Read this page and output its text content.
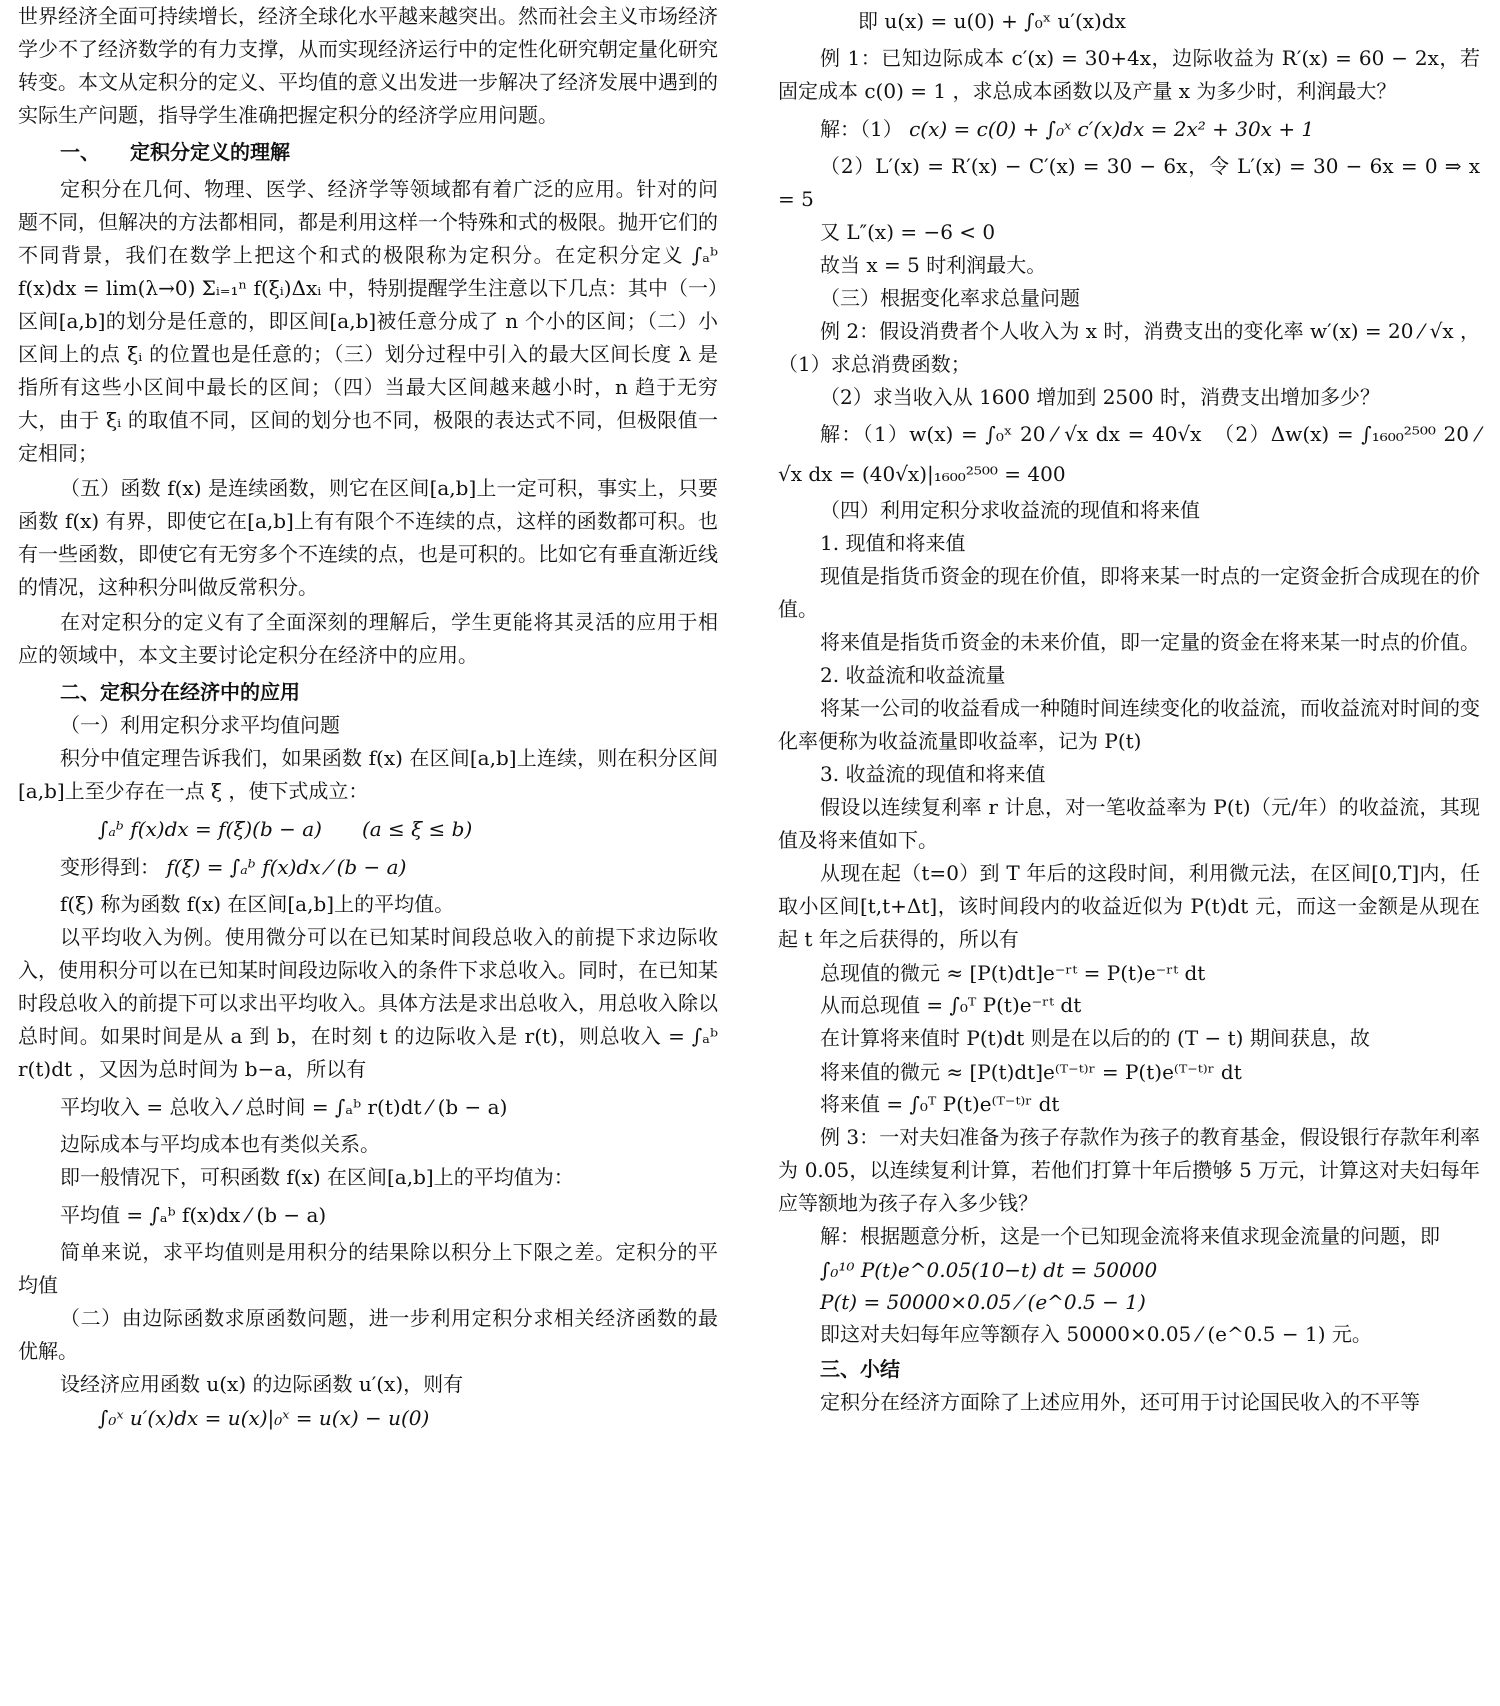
世界经济全面可持续增长，经济全球化水平越来越突出。然而社会主义市场经济学少不了经济数学的有力支撑，从而实现经济运行中的定性化研究朝定量化研究转变。本文从定积分的定义、平均值的意义出发进一步解决了经济发展中遇到的实际生产问题，指导学生准确把握定积分的经济学应用问题。

一、　　定积分定义的理解

定积分在几何、物理、医学、经济学等领域都有着广泛的应用。针对的问题不同，但解决的方法都相同，都是利用这样一个特殊和式的极限。抛开它们的不同背景，我们在数学上把这个和式的极限称为定积分。在定积分定义 ∫ₐᵇ f(x)dx = lim(λ→0) Σᵢ₌₁ⁿ f(ξᵢ)Δxᵢ 中，特别提醒学生注意以下几点：其中（一）区间[a,b]的划分是任意的，即区间[a,b]被任意分成了 n 个小的区间；（二）小区间上的点 ξᵢ 的位置也是任意的；（三）划分过程中引入的最大区间长度 λ 是指所有这些小区间中最长的区间；（四）当最大区间越来越小时，n 趋于无穷大，由于 ξᵢ 的取值不同，区间的划分也不同，极限的表达式不同，但极限值一定相同；

（五）函数 f(x) 是连续函数，则它在区间[a,b]上一定可积，事实上，只要函数 f(x) 有界，即使它在[a,b]上有有限个不连续的点，这样的函数都可积。也有一些函数，即使它有无穷多个不连续的点，也是可积的。比如它有垂直渐近线的情况，这种积分叫做反常积分。

在对定积分的定义有了全面深刻的理解后，学生更能将其灵活的应用于相应的领域中，本文主要讨论定积分在经济中的应用。

二、定积分在经济中的应用
（一）利用定积分求平均值问题

积分中值定理告诉我们，如果函数 f(x) 在区间[a,b]上连续，则在积分区间[a,b]上至少存在一点 ξ ，使下式成立：

∫ₐᵇ f(x)dx = f(ξ)(b − a)　　(a ≤ ξ ≤ b)
变形得到： f(ξ) = ∫ₐᵇ f(x)dx ⁄ (b − a)

f(ξ) 称为函数 f(x) 在区间[a,b]上的平均值。

以平均收入为例。使用微分可以在已知某时间段总收入的前提下求边际收入，使用积分可以在已知某时间段边际收入的条件下求总收入。同时，在已知某时段总收入的前提下可以求出平均收入。具体方法是求出总收入，用总收入除以总时间。如果时间是从 a 到 b，在时刻 t 的边际收入是 r(t)，则总收入 = ∫ₐᵇ r(t)dt ，又因为总时间为 b−a，所以有

平均收入 = 总收入 ⁄ 总时间 = ∫ₐᵇ r(t)dt ⁄ (b − a)

边际成本与平均成本也有类似关系。

即一般情况下，可积函数 f(x) 在区间[a,b]上的平均值为：

平均值 = ∫ₐᵇ f(x)dx ⁄ (b − a)

简单来说，求平均值则是用积分的结果除以积分上下限之差。定积分的平均值

（二）由边际函数求原函数问题，进一步利用定积分求相关经济函数的最优解。

设经济应用函数 u(x) 的边际函数 u′(x)，则有

∫₀ˣ u′(x)dx = u(x)|₀ˣ = u(x) − u(0)
即 u(x) = u(0) + ∫₀ˣ u′(x)dx

例 1：已知边际成本 c′(x) = 30+4x，边际收益为 R′(x) = 60 − 2x，若固定成本 c(0) = 1 ，求总成本函数以及产量 x 为多少时，利润最大？

解：（1） c(x) = c(0) + ∫₀ˣ c′(x)dx = 2x² + 30x + 1

（2）L′(x) = R′(x) − C′(x) = 30 − 6x，令 L′(x) = 30 − 6x = 0 ⇒ x = 5

又 L″(x) = −6 < 0

故当 x = 5 时利润最大。

（三）根据变化率求总量问题

例 2：假设消费者个人收入为 x 时，消费支出的变化率 w′(x) = 20 ⁄ √x ，（1）求总消费函数；

（2）求当收入从 1600 增加到 2500 时，消费支出增加多少？

解：（1）w(x) = ∫₀ˣ 20 ⁄ √x dx = 40√x　（2）Δw(x) = ∫₁₆₀₀²⁵⁰⁰ 20 ⁄ √x dx = (40√x)|₁₆₀₀²⁵⁰⁰ = 400

（四）利用定积分求收益流的现值和将来值
1. 现值和将来值

现值是指货币资金的现在价值，即将来某一时点的一定资金折合成现在的价值。

将来值是指货币资金的未来价值，即一定量的资金在将来某一时点的价值。

2. 收益流和收益流量

将某一公司的收益看成一种随时间连续变化的收益流，而收益流对时间的变化率便称为收益流量即收益率，记为 P(t)

3. 收益流的现值和将来值

假设以连续复利率 r 计息，对一笔收益率为 P(t)（元/年）的收益流，其现值及将来值如下。

从现在起（t=0）到 T 年后的这段时间，利用微元法，在区间[0,T]内，任取小区间[t,t+Δt]，该时间段内的收益近似为 P(t)dt 元，而这一金额是从现在起 t 年之后获得的，所以有

总现值的微元 ≈ [P(t)dt]e⁻ʳᵗ = P(t)e⁻ʳᵗ dt
从而总现值 = ∫₀ᵀ P(t)e⁻ʳᵗ dt

在计算将来值时 P(t)dt 则是在以后的的 (T − t) 期间获息，故

将来值的微元 ≈ [P(t)dt]e⁽ᵀ⁻ᵗ⁾ʳ = P(t)e⁽ᵀ⁻ᵗ⁾ʳ dt
将来值 = ∫₀ᵀ P(t)e⁽ᵀ⁻ᵗ⁾ʳ dt

例 3：一对夫妇准备为孩子存款作为孩子的教育基金，假设银行存款年利率为 0.05，以连续复利计算，若他们打算十年后攒够 5 万元，计算这对夫妇每年应等额地为孩子存入多少钱？

解：根据题意分析，这是一个已知现金流将来值求现金流量的问题，即

∫₀¹⁰ P(t)e^0.05(10−t) dt = 50000
P(t) = 50000×0.05 ⁄ (e^0.5 − 1)
即这对夫妇每年应等额存入 50000×0.05 ⁄ (e^0.5 − 1) 元。
三、小结

定积分在经济方面除了上述应用外，还可用于讨论国民收入的不平等
